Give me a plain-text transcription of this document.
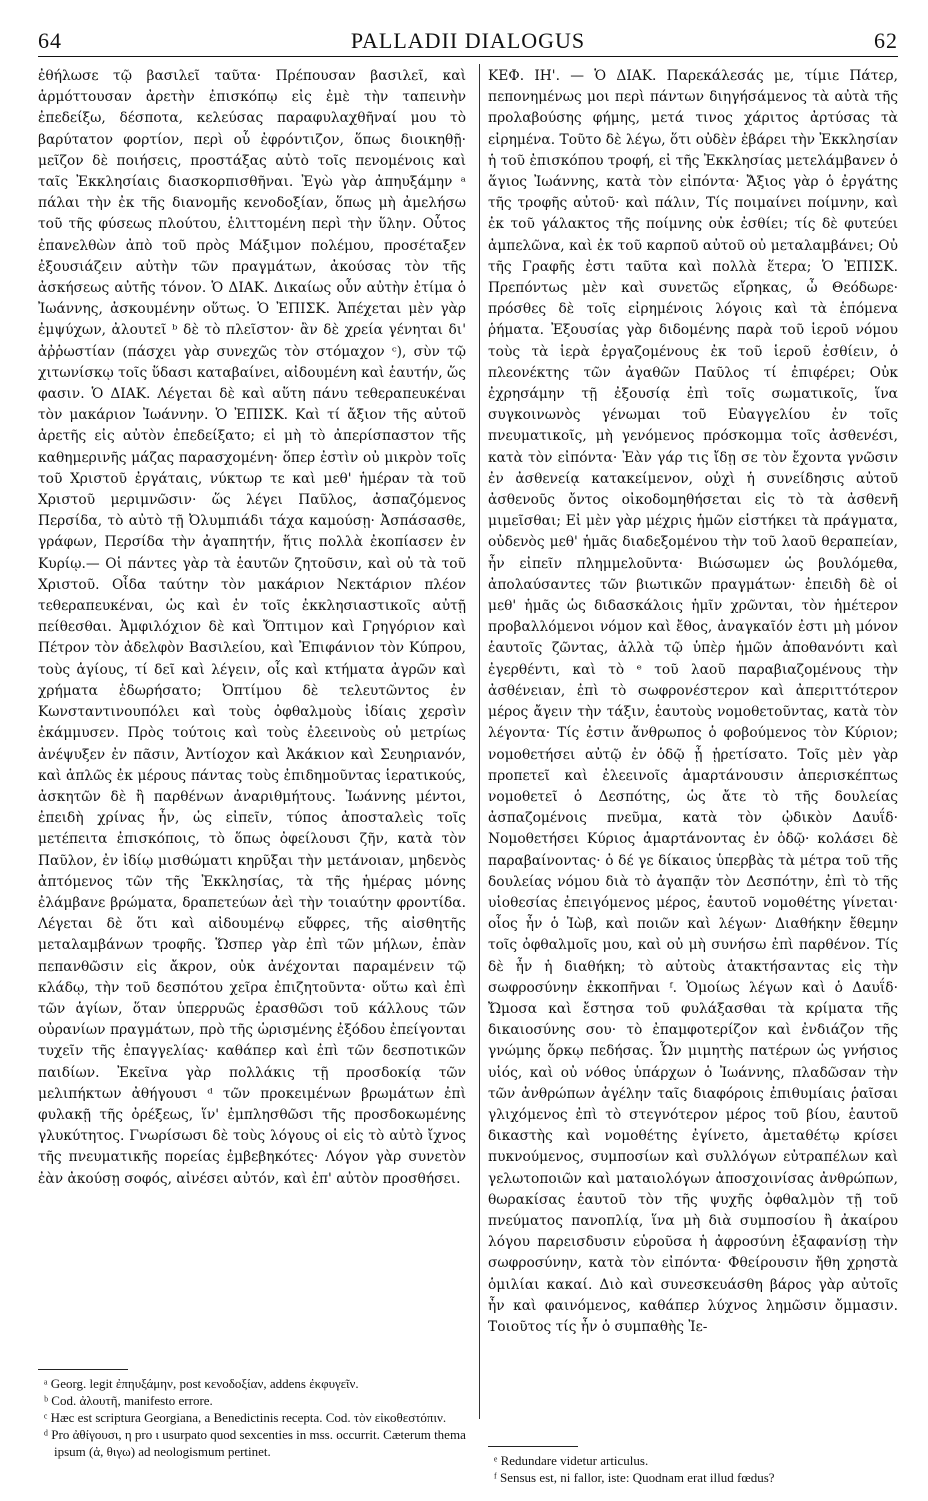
64	PALLADII DIALOGUS	62

ἐθήλωσε τῷ βασιλεῖ ταῦτα· Πρέπουσαν βασιλεῖ, καὶ ἁρμόττουσαν ἀρετὴν ἐπισκόπῳ εἰς ἐμὲ τὴν ταπεινὴν ἐπεδείξω, δέσποτα, κελεύσας παραφυλαχθῆναί μου τὸ βαρύτατον φορτίον, περὶ οὗ ἐφρόντιζον, ὅπως διοικηθῇ· μεῖζον δὲ ποιήσεις, προστάξας αὐτὸ τοῖς πενομένοις καὶ ταῖς Ἐκκλησίαις διασκορπισθῆναι. Ἐγὼ γὰρ ἀπηυξάμην ᵃ πάλαι τὴν ἐκ τῆς διανομῆς κενοδοξίαν, ὅπως μὴ ἀμελήσω τοῦ τῆς φύσεως πλούτου, ἑλιττομένη περὶ τὴν ὕλην. Οὗτος ἐπανελθὼν ἀπὸ τοῦ πρὸς Μάξιμον πολέμου, προσέταξεν ἐξουσιάζειν αὐτὴν τῶν πραγμάτων, ἀκούσας τὸν τῆς ἀσκήσεως αὐτῆς τόνον. Ὁ ΔΙΑΚ. Δικαίως οὖν αὐτὴν ἐτίμα ὁ Ἰωάννης, ἀσκουμένην οὕτως. Ὁ ἘΠΙΣΚ. Ἀπέχεται μὲν γὰρ ἐμψύχων, ἀλουτεῖ ᵇ δὲ τὸ πλεῖστον· ἂν δὲ χρεία γένηται δι' ἀῤῥωστίαν (πάσχει γὰρ συνεχῶς τὸν στόμαχον ᶜ), σὺν τῷ χιτωνίσκῳ τοῖς ὕδασι καταβαίνει, αἰδουμένη καὶ ἑαυτήν, ὥς φασιν. Ὁ ΔΙΑΚ. Λέγεται δὲ καὶ αὕτη πάνυ τεθεραπευκέναι τὸν μακάριον Ἰωάννην. Ὁ ἘΠΙΣΚ. Καὶ τί ἄξιον τῆς αὐτοῦ ἀρετῆς εἰς αὐτὸν ἐπεδείξατο; εἰ μὴ τὸ ἀπερίσπαστον τῆς καθημερινῆς μάζας παρασχομένη· ὅπερ ἐστὶν οὐ μικρὸν τοῖς τοῦ Χριστοῦ ἐργάταις, νύκτωρ τε καὶ μεθ' ἡμέραν τὰ τοῦ Χριστοῦ μεριμνῶσιν· ὥς λέγει Παῦλος, ἀσπαζόμενος Περσίδα, τὸ αὐτὸ τῇ Ὀλυμπιάδι τάχα καμούσῃ· Ἀσπάσασθε, γράφων, Περσίδα τὴν ἀγαπητήν, ἥτις πολλὰ ἐκοπίασεν ἐν Κυρίῳ.— Οἱ πάντες γὰρ τὰ ἑαυτῶν ζητοῦσιν, καὶ οὐ τὰ τοῦ Χριστοῦ. Οἶδα ταύτην τὸν μακάριον Νεκτάριον πλέον τεθεραπευκέναι, ὡς καὶ ἐν τοῖς ἐκκλησιαστικοῖς αὐτῇ πείθεσθαι. Ἀμφιλόχιον δὲ καὶ Ὄπτιμον καὶ Γρηγόριον καὶ Πέτρον τὸν ἀδελφὸν Βασιλείου, καὶ Ἐπιφάνιον τὸν Κύπρου, τοὺς ἁγίους, τί δεῖ καὶ λέγειν, οἷς καὶ κτήματα ἀγρῶν καὶ χρήματα ἐδωρήσατο; Ὀπτίμου δὲ τελευτῶντος ἐν Κωνσταντινουπόλει καὶ τοὺς ὀφθαλμοὺς ἰδίαις χερσὶν ἐκάμμυσεν. Πρὸς τούτοις καὶ τοὺς ἐλεεινοὺς οὐ μετρίως ἀνέψυξεν ἐν πᾶσιν, Ἀντίοχον καὶ Ἀκάκιον καὶ Σευηριανόν, καὶ ἁπλῶς ἐκ μέρους πάντας τοὺς ἐπιδημοῦντας ἱερατικούς, ἀσκητῶν δὲ ἢ παρθένων ἀναριθμήτους. Ἰωάννης μέντοι, ἐπειδὴ χρίνας ἦν, ὡς εἰπεῖν, τύπος ἀποσταλεὶς τοῖς μετέπειτα ἐπισκόποις, τὸ ὅπως ὀφείλουσι ζῆν, κατὰ τὸν Παῦλον, ἐν ἰδίῳ μισθώματι κηρῦξαι τὴν μετάνοιαν, μηδενὸς ἀπτόμενος τῶν τῆς Ἐκκλησίας, τὰ τῆς ἡμέρας μόνης ἐλάμβανε βρώματα, δραπετεύων ἀεὶ τὴν τοιαύτην φροντίδα. Λέγεται δὲ ὅτι καὶ αἰδουμένῳ εὔφρες, τῆς αἰσθητῆς μεταλαμβάνων τροφῆς. Ὥσπερ γὰρ ἐπὶ τῶν μήλων, ἐπὰν πεπανθῶσιν εἰς ἄκρον, οὐκ ἀνέχονται παραμένειν τῷ κλάδῳ, τὴν τοῦ δεσπότου χεῖρα ἐπιζητοῦντα· οὕτω καὶ ἐπὶ τῶν ἁγίων, ὅταν ὑπερρυῶς ἐρασθῶσι τοῦ κάλλους τῶν οὐρανίων πραγμάτων, πρὸ τῆς ὡρισμένης ἐξόδου ἐπείγονται τυχεῖν τῆς ἐπαγγελίας· καθάπερ καὶ ἐπὶ τῶν δεσποτικῶν παιδίων. Ἐκεῖνα γὰρ πολλάκις τῇ προσδοκίᾳ τῶν μελιπήκτων ἀθήγουσι ᵈ τῶν προκειμένων βρωμάτων ἐπὶ φυλακῇ τῆς ὀρέξεως, ἵν' ἐμπλησθῶσι τῆς προσδοκωμένης γλυκύτητος. Γνωρίσωσι δὲ τοὺς λόγους οἱ εἰς τὸ αὐτὸ ἴχνος τῆς πνευματικῆς πορείας ἐμβεβηκότες· Λόγον γὰρ συνετὸν ἐὰν ἀκούσῃ σοφός, αἰνέσει αὐτόν, καὶ ἐπ' αὐτὸν προσθήσει.

ΚΕΦ. ΙΗ'. — Ὁ ΔΙΑΚ. Παρεκάλεσάς με, τίμιε Πάτερ, πεπονημένως μοι περὶ πάντων διηγήσάμενος τὰ αὐτὰ τῆς προλαβούσης φήμης, μετά τινος χάριτος ἀρτύσας τὰ εἰρημένα. Τοῦτο δὲ λέγω, ὅτι οὐδὲν ἐβάρει τὴν Ἐκκλησίαν ἡ τοῦ ἐπισκόπου τροφή, εἰ τῆς Ἐκκλησίας μετελάμβανεν ὁ ἅγιος Ἰωάννης, κατὰ τὸν εἰπόντα· Ἄξιος γὰρ ὁ ἐργάτης τῆς τροφῆς αὐτοῦ· καὶ πάλιν, Τίς ποιμαίνει ποίμνην, καὶ ἐκ τοῦ γάλακτος τῆς ποίμνης οὐκ ἐσθίει; τίς δὲ φυτεύει ἀμπελῶνα, καὶ ἐκ τοῦ καρποῦ αὐτοῦ οὐ μεταλαμβάνει; Οὐ τῆς Γραφῆς ἐστι ταῦτα καὶ πολλὰ ἕτερα; Ὁ ἘΠΙΣΚ. Πρεπόντως μὲν καὶ συνετῶς εἴρηκας, ὦ Θεόδωρε· πρόσθες δὲ τοῖς εἰρημένοις λόγοις καὶ τὰ ἑπόμενα ῥήματα. Ἐξουσίας γὰρ διδομένης παρὰ τοῦ ἱεροῦ νόμου τοὺς τὰ ἱερὰ ἐργαζομένους ἐκ τοῦ ἱεροῦ ἐσθίειν, ὁ πλεονέκτης τῶν ἀγαθῶν Παῦλος τί ἐπιφέρει; Οὐκ ἐχρησάμην τῇ ἐξουσίᾳ ἐπὶ τοῖς σωματικοῖς, ἵνα συγκοινωνὸς γένωμαι τοῦ Εὐαγγελίου ἐν τοῖς πνευματικοῖς, μὴ γενόμενος πρόσκομμα τοῖς ἀσθενέσι, κατὰ τὸν εἰπόντα· Ἐὰν γάρ τις ἴδῃ σε τὸν ἔχοντα γνῶσιν ἐν ἀσθενείᾳ κατακείμενον, οὐχὶ ἡ συνείδησις αὐτοῦ ἀσθενοῦς ὄντος οἰκοδομηθήσεται εἰς τὸ τὰ ἀσθενῆ μιμεῖσθαι; Εἰ μὲν γὰρ μέχρις ἡμῶν εἱστήκει τὰ πράγματα, οὐδενὸς μεθ' ἡμᾶς διαδεξομένου τὴν τοῦ λαοῦ θεραπείαν, ἦν εἰπεῖν πλημμελοῦντα· Βιώσωμεν ὡς βουλόμεθα, ἀπολαύσαντες τῶν βιωτικῶν πραγμάτων· ἐπειδὴ δὲ οἱ μεθ' ἡμᾶς ὡς διδασκάλοις ἡμῖν χρῶνται, τὸν ἡμέτερον προβαλλόμενοι νόμον καὶ ἔθος, ἀναγκαῖόν ἐστι μὴ μόνον ἑαυτοῖς ζῶντας, ἀλλὰ τῷ ὑπὲρ ἡμῶν ἀποθανόντι καὶ ἐγερθέντι, καὶ τὸ ᵉ τοῦ λαοῦ παραβιαζομένους τὴν ἀσθένειαν, ἐπὶ τὸ σωφρονέστερον καὶ ἀπεριττότερον μέρος ἄγειν τὴν τάξιν, ἑαυτοὺς νομοθετοῦντας, κατὰ τὸν λέγοντα· Τίς ἐστιν ἄνθρωπος ὁ φοβούμενος τὸν Κύριον; νομοθετήσει αὐτῷ ἐν ὁδῷ ᾗ ᾑρετίσατο. Τοῖς μὲν γὰρ προπετεῖ καὶ ἐλεεινοῖς ἁμαρτάνουσιν ἀπερισκέπτως νομοθετεῖ ὁ Δεσπότης, ὡς ἄτε τὸ τῆς δουλείας ἀσπαζομένοις πνεῦμα, κατὰ τὸν ᾠδικὸν Δαυΐδ· Νομοθετήσει Κύριος ἁμαρτάνοντας ἐν ὁδῷ· κολάσει δὲ παραβαίνοντας· ὁ δέ γε δίκαιος ὑπερβὰς τὰ μέτρα τοῦ τῆς δουλείας νόμου διὰ τὸ ἀγαπᾷν τὸν Δεσπότην, ἐπὶ τὸ τῆς υἱοθεσίας ἐπειγόμενος μέρος, ἑαυτοῦ νομοθέτης γίνεται· οἷος ἦν ὁ Ἰὼβ, καὶ ποιῶν καὶ λέγων· Διαθήκην ἔθεμην τοῖς ὀφθαλμοῖς μου, καὶ οὐ μὴ συνήσω ἐπὶ παρθένον. Τίς δὲ ἦν ἡ διαθήκη; τὸ αὐτοὺς ἀτακτήσαντας εἰς τὴν σωφροσύνην ἐκκοπῆναι ᶠ. Ὁμοίως λέγων καὶ ὁ Δαυΐδ· Ὤμοσα καὶ ἔστησα τοῦ φυλάξασθαι τὰ κρίματα τῆς δικαιοσύνης σου· τὸ ἐπαμφοτερίζον καὶ ἐνδιάζον τῆς γνώμης ὅρκῳ πεδήσας. Ὧν μιμητὴς πατέρων ὡς γνήσιος υἱός, καὶ οὐ νόθος ὑπάρχων ὁ Ἰωάννης, πλαδῶσαν τὴν τῶν ἀνθρώπων ἀγέλην ταῖς διαφόροις ἐπιθυμίαις ῥαῖσαι γλιχόμενος ἐπὶ τὸ στεγνότερον μέρος τοῦ βίου, ἑαυτοῦ δικαστὴς καὶ νομοθέτης ἐγίνετο, ἀμεταθέτῳ κρίσει πυκνούμενος, συμποσίων καὶ συλλόγων εὐτραπέλων καὶ γελωτοποιῶν καὶ ματαιολόγων ἀποσχοινίσας ἀνθρώπων, θωρακίσας ἑαυτοῦ τὸν τῆς ψυχῆς ὀφθαλμὸν τῇ τοῦ πνεύματος πανοπλίᾳ, ἵνα μὴ διὰ συμποσίου ἢ ἀκαίρου λόγου παρεισδυσιν εὑροῦσα ἡ ἀφροσύνη ἐξαφανίσῃ τὴν σωφροσύνην, κατὰ τὸν εἰπόντα· Φθείρουσιν ἤθη χρηστὰ ὁμιλίαι κακαί. Διὸ καὶ συνεσκευάσθη βάρος γὰρ αὐτοῖς ἦν καὶ φαινόμενος, καθάπερ λύχνος λημῶσιν ὄμμασιν. Τοιοῦτος τίς ἦν ὁ συμπαθὴς Ἰε-

ᵃ Georg. legit ἐπηυξάμην, post κενοδοξίαν, addens ἐκφυγεῖν.

ᵇ Cod. ἀλουτῆ, manifesto errore.

ᶜ Hæc est scriptura Georgiana, a Benedictinis recepta. Cod. τὸν εἰκοθεστόπιν.

ᵈ Pro ἀθίγουσι, η pro ι usurpato quod sexcenties in mss. occurrit. Cæterum thema ipsum (ἀ, θιγω) ad neologismum pertinet.

ᵉ Redundare videtur articulus.

ᶠ Sensus est, ni fallor, iste: Quodnam erat illud fœdus?
